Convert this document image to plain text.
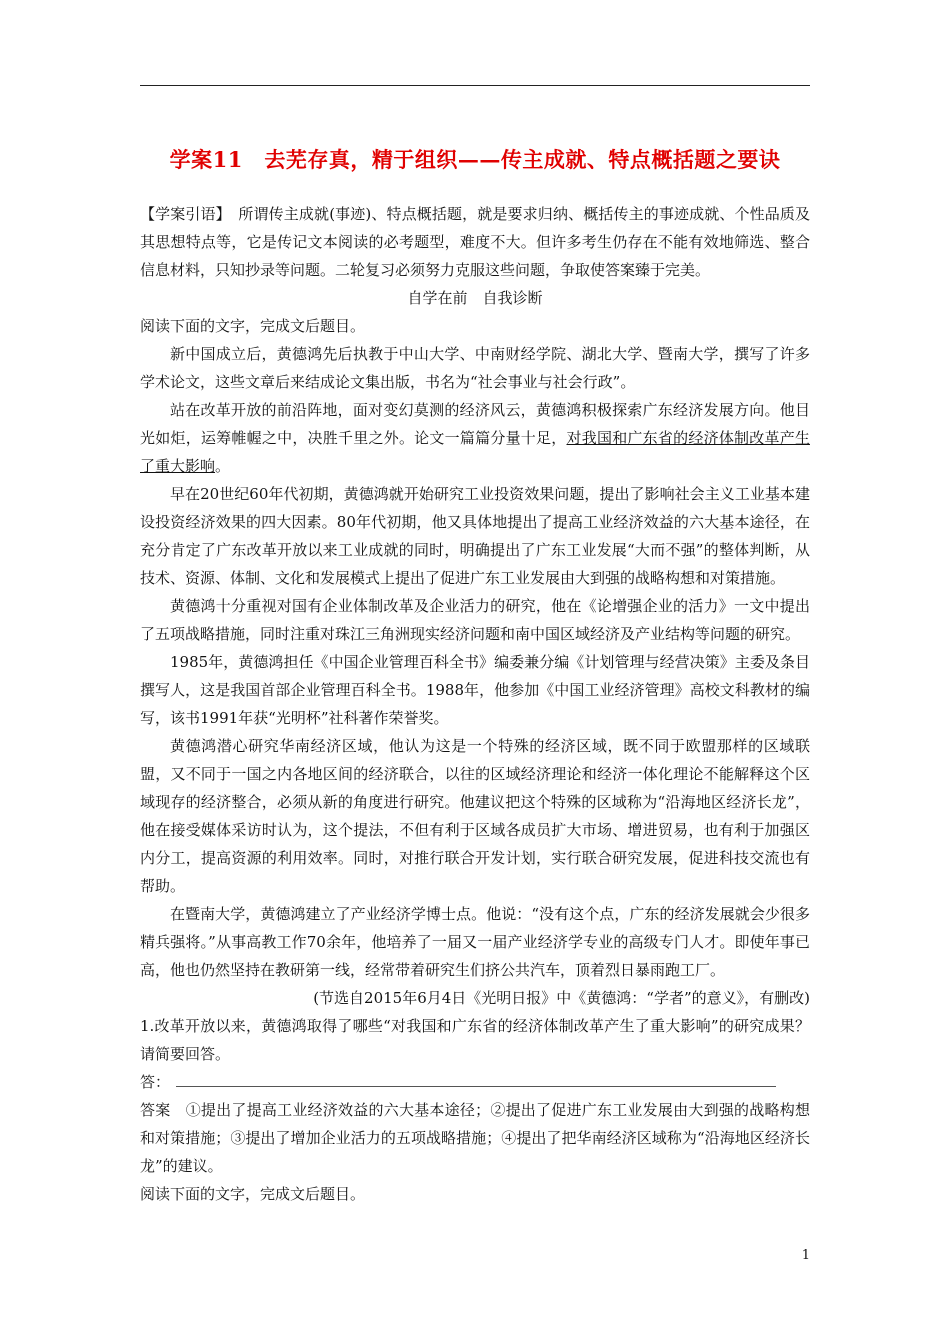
学案11　去芜存真，精于组织——传主成就、特点概括题之要诀

【学案引语】　 所谓传主成就(事迹)、特点概括题，就是要求归纳、概括传主的事迹成就、个性品质及其思想特点等，它是传记文本阅读的必考题型，难度不大。但许多考生仍存在不能有效地筛选、整合信息材料，只知抄录等问题。二轮复习必须努力克服这些问题，争取使答案臻于完美。

自学在前　自我诊断

阅读下面的文字，完成文后题目。

新中国成立后，黄德鸿先后执教于中山大学、中南财经学院、湖北大学、暨南大学，撰写了许多学术论文，这些文章后来结成论文集出版，书名为“社会事业与社会行政”。

站在改革开放的前沿阵地，面对变幻莫测的经济风云，黄德鸿积极探索广东经济发展方向。他目光如炬，运筹帷幄之中，决胜千里之外。论文一篇篇分量十足，对我国和广东省的经济体制改革产生了重大影响。

早在20世纪60年代初期，黄德鸿就开始研究工业投资效果问题，提出了影响社会主义工业基本建设投资经济效果的四大因素。80年代初期，他又具体地提出了提高工业经济效益的六大基本途径，在充分肯定了广东改革开放以来工业成就的同时，明确提出了广东工业发展“大而不强”的整体判断，从技术、资源、体制、文化和发展模式上提出了促进广东工业发展由大到强的战略构想和对策措施。

黄德鸿十分重视对国有企业体制改革及企业活力的研究，他在《论增强企业的活力》一文中提出了五项战略措施，同时注重对珠江三角洲现实经济问题和南中国区域经济及产业结构等问题的研究。

1985年，黄德鸿担任《中国企业管理百科全书》编委兼分编《计划管理与经营决策》主委及条目撰写人，这是我国首部企业管理百科全书。1988年，他参加《中国工业经济管理》高校文科教材的编写，该书1991年获“光明杯”社科著作荣誉奖。

黄德鸿潜心研究华南经济区域，他认为这是一个特殊的经济区域，既不同于欧盟那样的区域联盟，又不同于一国之内各地区间的经济联合，以往的区域经济理论和经济一体化理论不能解释这个区域现存的经济整合，必须从新的角度进行研究。他建议把这个特殊的区域称为“沿海地区经济长龙”，他在接受媒体采访时认为，这个提法，不但有利于区域各成员扩大市场、增进贸易，也有利于加强区内分工，提高资源的利用效率。同时，对推行联合开发计划，实行联合研究发展，促进科技交流也有帮助。

在暨南大学，黄德鸿建立了产业经济学博士点。他说：“没有这个点，广东的经济发展就会少很多精兵强将。”从事高教工作70余年，他培养了一届又一届产业经济学专业的高级专门人才。即使年事已高，他也仍然坚持在教研第一线，经常带着研究生们挤公共汽车，顶着烈日暴雨跑工厂。

(节选自2015年6月4日《光明日报》中《黄德鸿：“学者”的意义》，有删改)

1.改革开放以来，黄德鸿取得了哪些“对我国和广东省的经济体制改革产生了重大影响”的研究成果？请简要回答。

答：

答案　①提出了提高工业经济效益的六大基本途径；②提出了促进广东工业发展由大到强的战略构想和对策措施；③提出了增加企业活力的五项战略措施；④提出了把华南经济区域称为“沿海地区经济长龙”的建议。

阅读下面的文字，完成文后题目。

1
